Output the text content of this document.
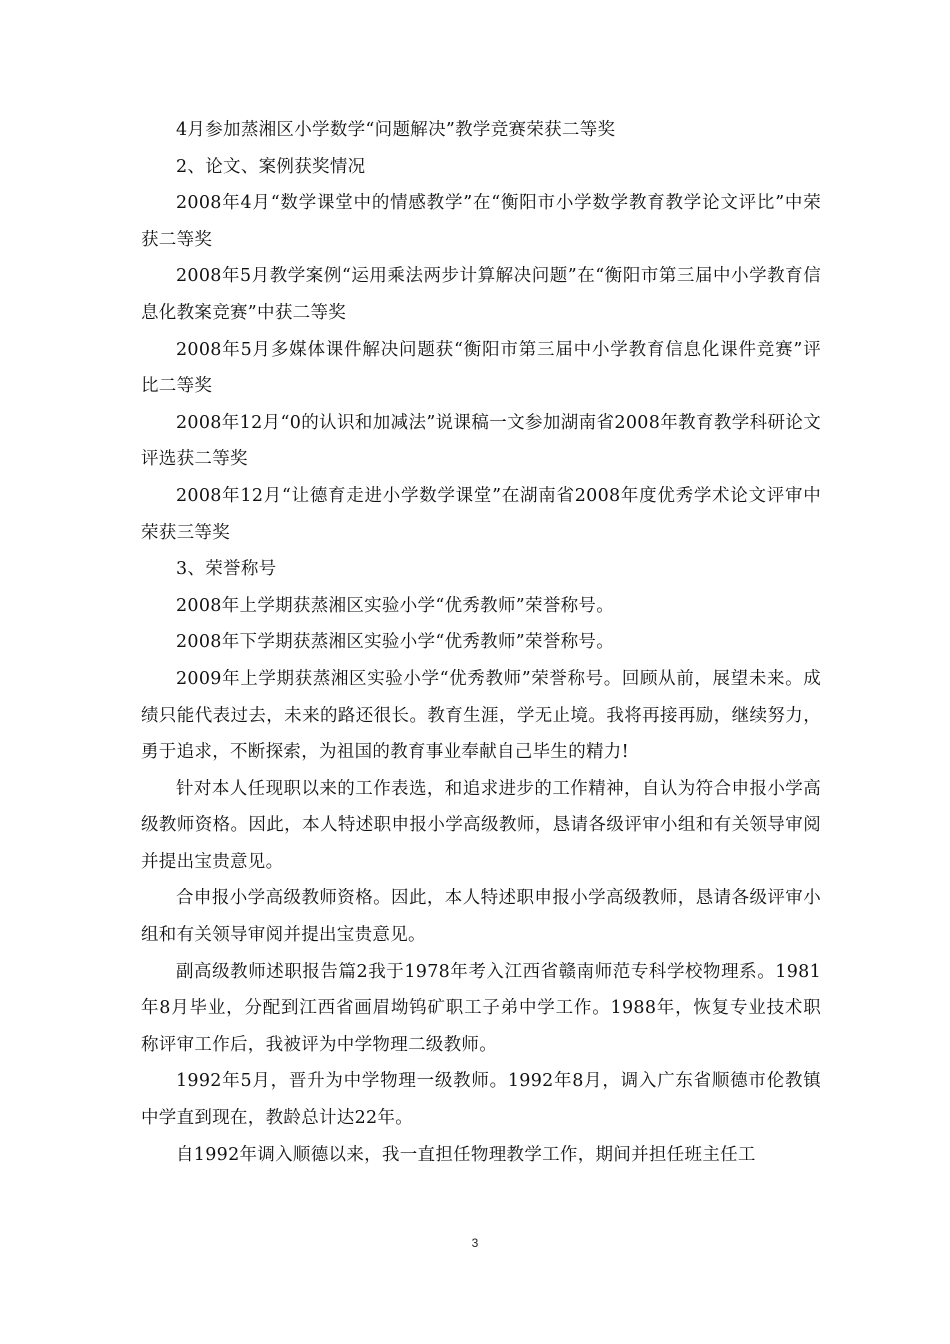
4月参加蒸湘区小学数学“问题解决”教学竞赛荣获二等奖

2、论文、案例获奖情况

2008年4月“数学课堂中的情感教学”在“衡阳市小学数学教育教学论文评比”中荣获二等奖

2008年5月教学案例“运用乘法两步计算解决问题”在“衡阳市第三届中小学教育信息化教案竞赛”中获二等奖

2008年5月多媒体课件解决问题获“衡阳市第三届中小学教育信息化课件竞赛”评比二等奖

2008年12月“0的认识和加减法”说课稿一文参加湖南省2008年教育教学科研论文评选获二等奖

2008年12月“让德育走进小学数学课堂”在湖南省2008年度优秀学术论文评审中荣获三等奖

3、荣誉称号

2008年上学期获蒸湘区实验小学“优秀教师”荣誉称号。

2008年下学期获蒸湘区实验小学“优秀教师”荣誉称号。

2009年上学期获蒸湘区实验小学“优秀教师”荣誉称号。回顾从前，展望未来。成绩只能代表过去，未来的路还很长。教育生涯，学无止境。我将再接再励，继续努力，勇于追求，不断探索，为祖国的教育事业奉献自己毕生的精力!

针对本人任现职以来的工作表选，和追求进步的工作精神，自认为符合申报小学高级教师资格。因此，本人特述职申报小学高级教师，恳请各级评审小组和有关领导审阅并提出宝贵意见。

合申报小学高级教师资格。因此，本人特述职申报小学高级教师，恳请各级评审小组和有关领导审阅并提出宝贵意见。

副高级教师述职报告篇2我于1978年考入江西省赣南师范专科学校物理系。1981年8月毕业，分配到江西省画眉坳钨矿职工子弟中学工作。1988年，恢复专业技术职称评审工作后，我被评为中学物理二级教师。

1992年5月，晋升为中学物理一级教师。1992年8月，调入广东省顺德市伦教镇中学直到现在，教龄总计达22年。

自1992年调入顺德以来，我一直担任物理教学工作，期间并担任班主任工

3
